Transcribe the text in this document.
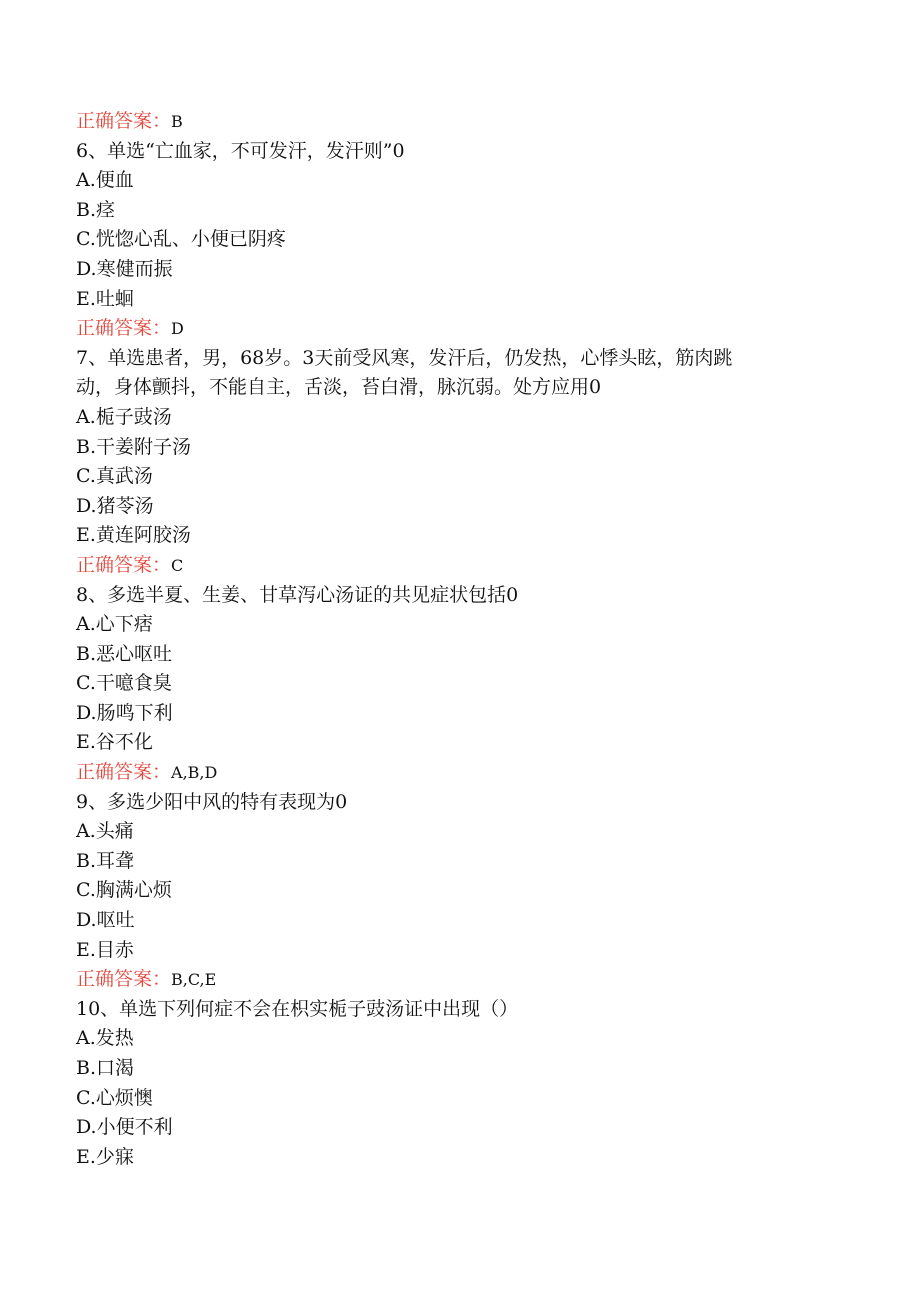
正确答案：B
6、单选“亡血家，不可发汗，发汗则”0
A.便血
B.痉
C.恍惚心乱、小便已阴疼
D.寒健而振
E.吐蛔
正确答案：D
7、单选患者，男，68岁。3天前受风寒，发汗后，仍发热，心悸头眩，筋肉跳
动，身体颤抖，不能自主，舌淡，苔白滑，脉沉弱。处方应用0
A.栀子豉汤
B.干姜附子汤
C.真武汤
D.猪苓汤
E.黄连阿胶汤
正确答案：C
8、多选半夏、生姜、甘草泻心汤证的共见症状包括0
A.心下痞
B.恶心呕吐
C.干噫食臭
D.肠鸣下利
E.谷不化
正确答案：A,B,D
9、多选少阳中风的特有表现为0
A.头痛
B.耳聋
C.胸满心烦
D.呕吐
E.目赤
正确答案：B,C,E
10、单选下列何症不会在枳实栀子豉汤证中出现（）
A.发热
B.口渴
C.心烦懊
D.小便不利
E.少寐
